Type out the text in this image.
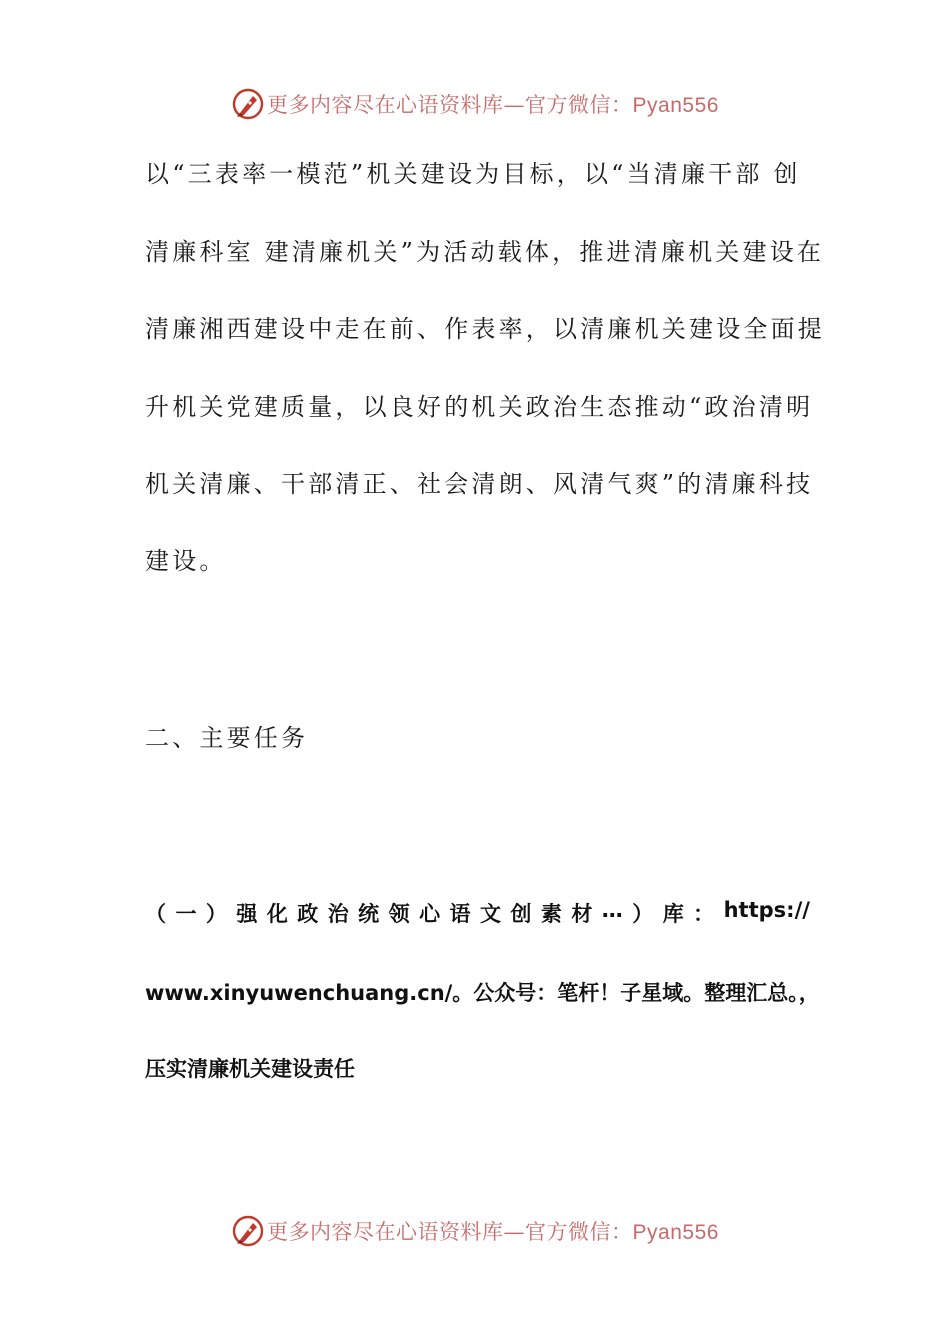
更多内容尽在心语资料库—官方微信：Pyan556

以“三表率一模范”机关建设为目标，以“当清廉干部 创

清廉科室 建清廉机关”为活动载体，推进清廉机关建设在

清廉湘西建设中走在前、作表率，以清廉机关建设全面提

升机关党建质量，以良好的机关政治生态推动“政治清明

机关清廉、干部清正、社会清朗、风清气爽”的清廉科技

建设。

二、主要任务

（ 一 ） 强 化 政 治 统 领 心 语 文 创 素 材 … ） 库 ： https://

www.xinyuwenchuang.cn/。公众号：笔杆！子星域。整理汇总。，

压实清廉机关建设责任

更多内容尽在心语资料库—官方微信：Pyan556
